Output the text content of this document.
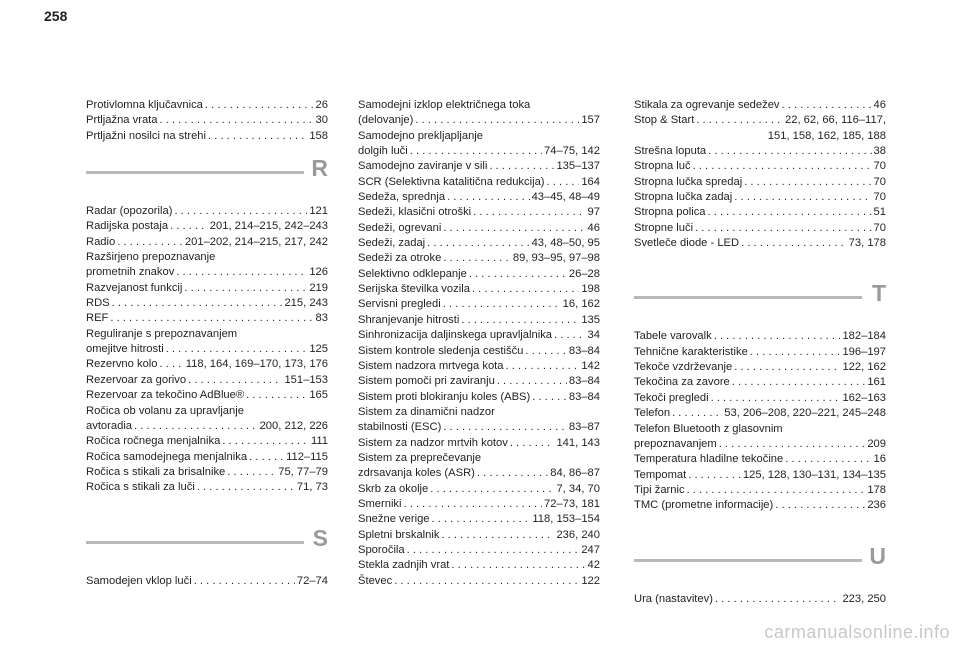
258
Protivlomna ključavnica . . .	26
Prtljažna vrata . . .	30
Prtljažni nosilci na strehi . . .	158
R
Radar (opozorila) . . .	121
Radijska postaja . . .	201, 214–215, 242–243
Radio . . .	201–202, 214–215, 217, 242
Razširjeno prepoznavanje
prometnih znakov . . .	126
Razvejanost funkcij . . .	219
RDS . . .	215, 243
REF . . .	83
Reguliranje s prepoznavanjem
omejitve hitrosti . . .	125
Rezervno kolo . . .	118, 164, 169–170, 173, 176
Rezervoar za gorivo . . .	151–153
Rezervoar za tekočino AdBlue® . . .	165
Ročica ob volanu za upravljanje
avtoradia . . .	200, 212, 226
Ročica ročnega menjalnika . . .	111
Ročica samodejnega menjalnika . . .	112–115
Ročica s stikali za brisalnike . . .	75, 77–79
Ročica s stikali za luči . . .	71, 73
S
Samodejen vklop luči . . .	72–74
Samodejni izklop električnega toka
(delovanje) . . .	157
Samodejno prekljapljanje
dolgih luči . . .	74–75, 142
Samodejno zaviranje v sili . . .	135–137
SCR (Selektivna katalitična redukcija) . . .	164
Sedeža, sprednja . . .	43–45, 48–49
Sedeži, klasični otroški . . .	97
Sedeži, ogrevani . . .	46
Sedeži, zadaj . . .	43, 48–50, 95
Sedeži za otroke . . .	89, 93–95, 97–98
Selektivno odklepanje . . .	26–28
Serijska številka vozila . . .	198
Servisni pregledi . . .	16, 162
Shranjevanje hitrosti . . .	135
Sinhronizacija daljinskega upravljalnika . . .	34
Sistem kontrole sledenja cestišču . . .	83–84
Sistem nadzora mrtvega kota . . .	142
Sistem pomoči pri zaviranju . . .	83–84
Sistem proti blokiranju koles (ABS) . . .	83–84
Sistem za dinamični nadzor
stabilnosti (ESC) . . .	83–87
Sistem za nadzor mrtvih kotov . . .	141, 143
Sistem za preprečevanje
zdrsavanja koles (ASR) . . .	84, 86–87
Skrb za okolje . . .	7, 34, 70
Smerniki . . .	72–73, 181
Snežne verige . . .	118, 153–154
Spletni brskalnik . . .	236, 240
Sporočila . . .	247
Stekla zadnjih vrat . . .	42
Števec . . .	122
Stikala za ogrevanje sedežev . . .	46
Stop & Start . . .	22, 62, 66, 116–117,
151, 158, 162, 185, 188
Strešna loputa . . .	38
Stropna luč . . .	70
Stropna lučka spredaj . . .	70
Stropna lučka zadaj . . .	70
Stropna polica . . .	51
Stropne luči . . .	70
Svetleče diode - LED . . .	73, 178
T
Tabele varovalk . . .	182–184
Tehnične karakteristike . . .	196–197
Tekoče vzdrževanje . . .	122, 162
Tekočina za zavore . . .	161
Tekoči pregledi . . .	162–163
Telefon . . .	53, 206–208, 220–221, 245–248
Telefon Bluetooth z glasovnim
prepoznavanjem . . .	209
Temperatura hladilne tekočine . . .	16
Tempomat . . .	125, 128, 130–131, 134–135
Tipi žarnic . . .	178
TMC (prometne informacije) . . .	236
U
Ura (nastavitev) . . .	223, 250
carmanualsonline.info
